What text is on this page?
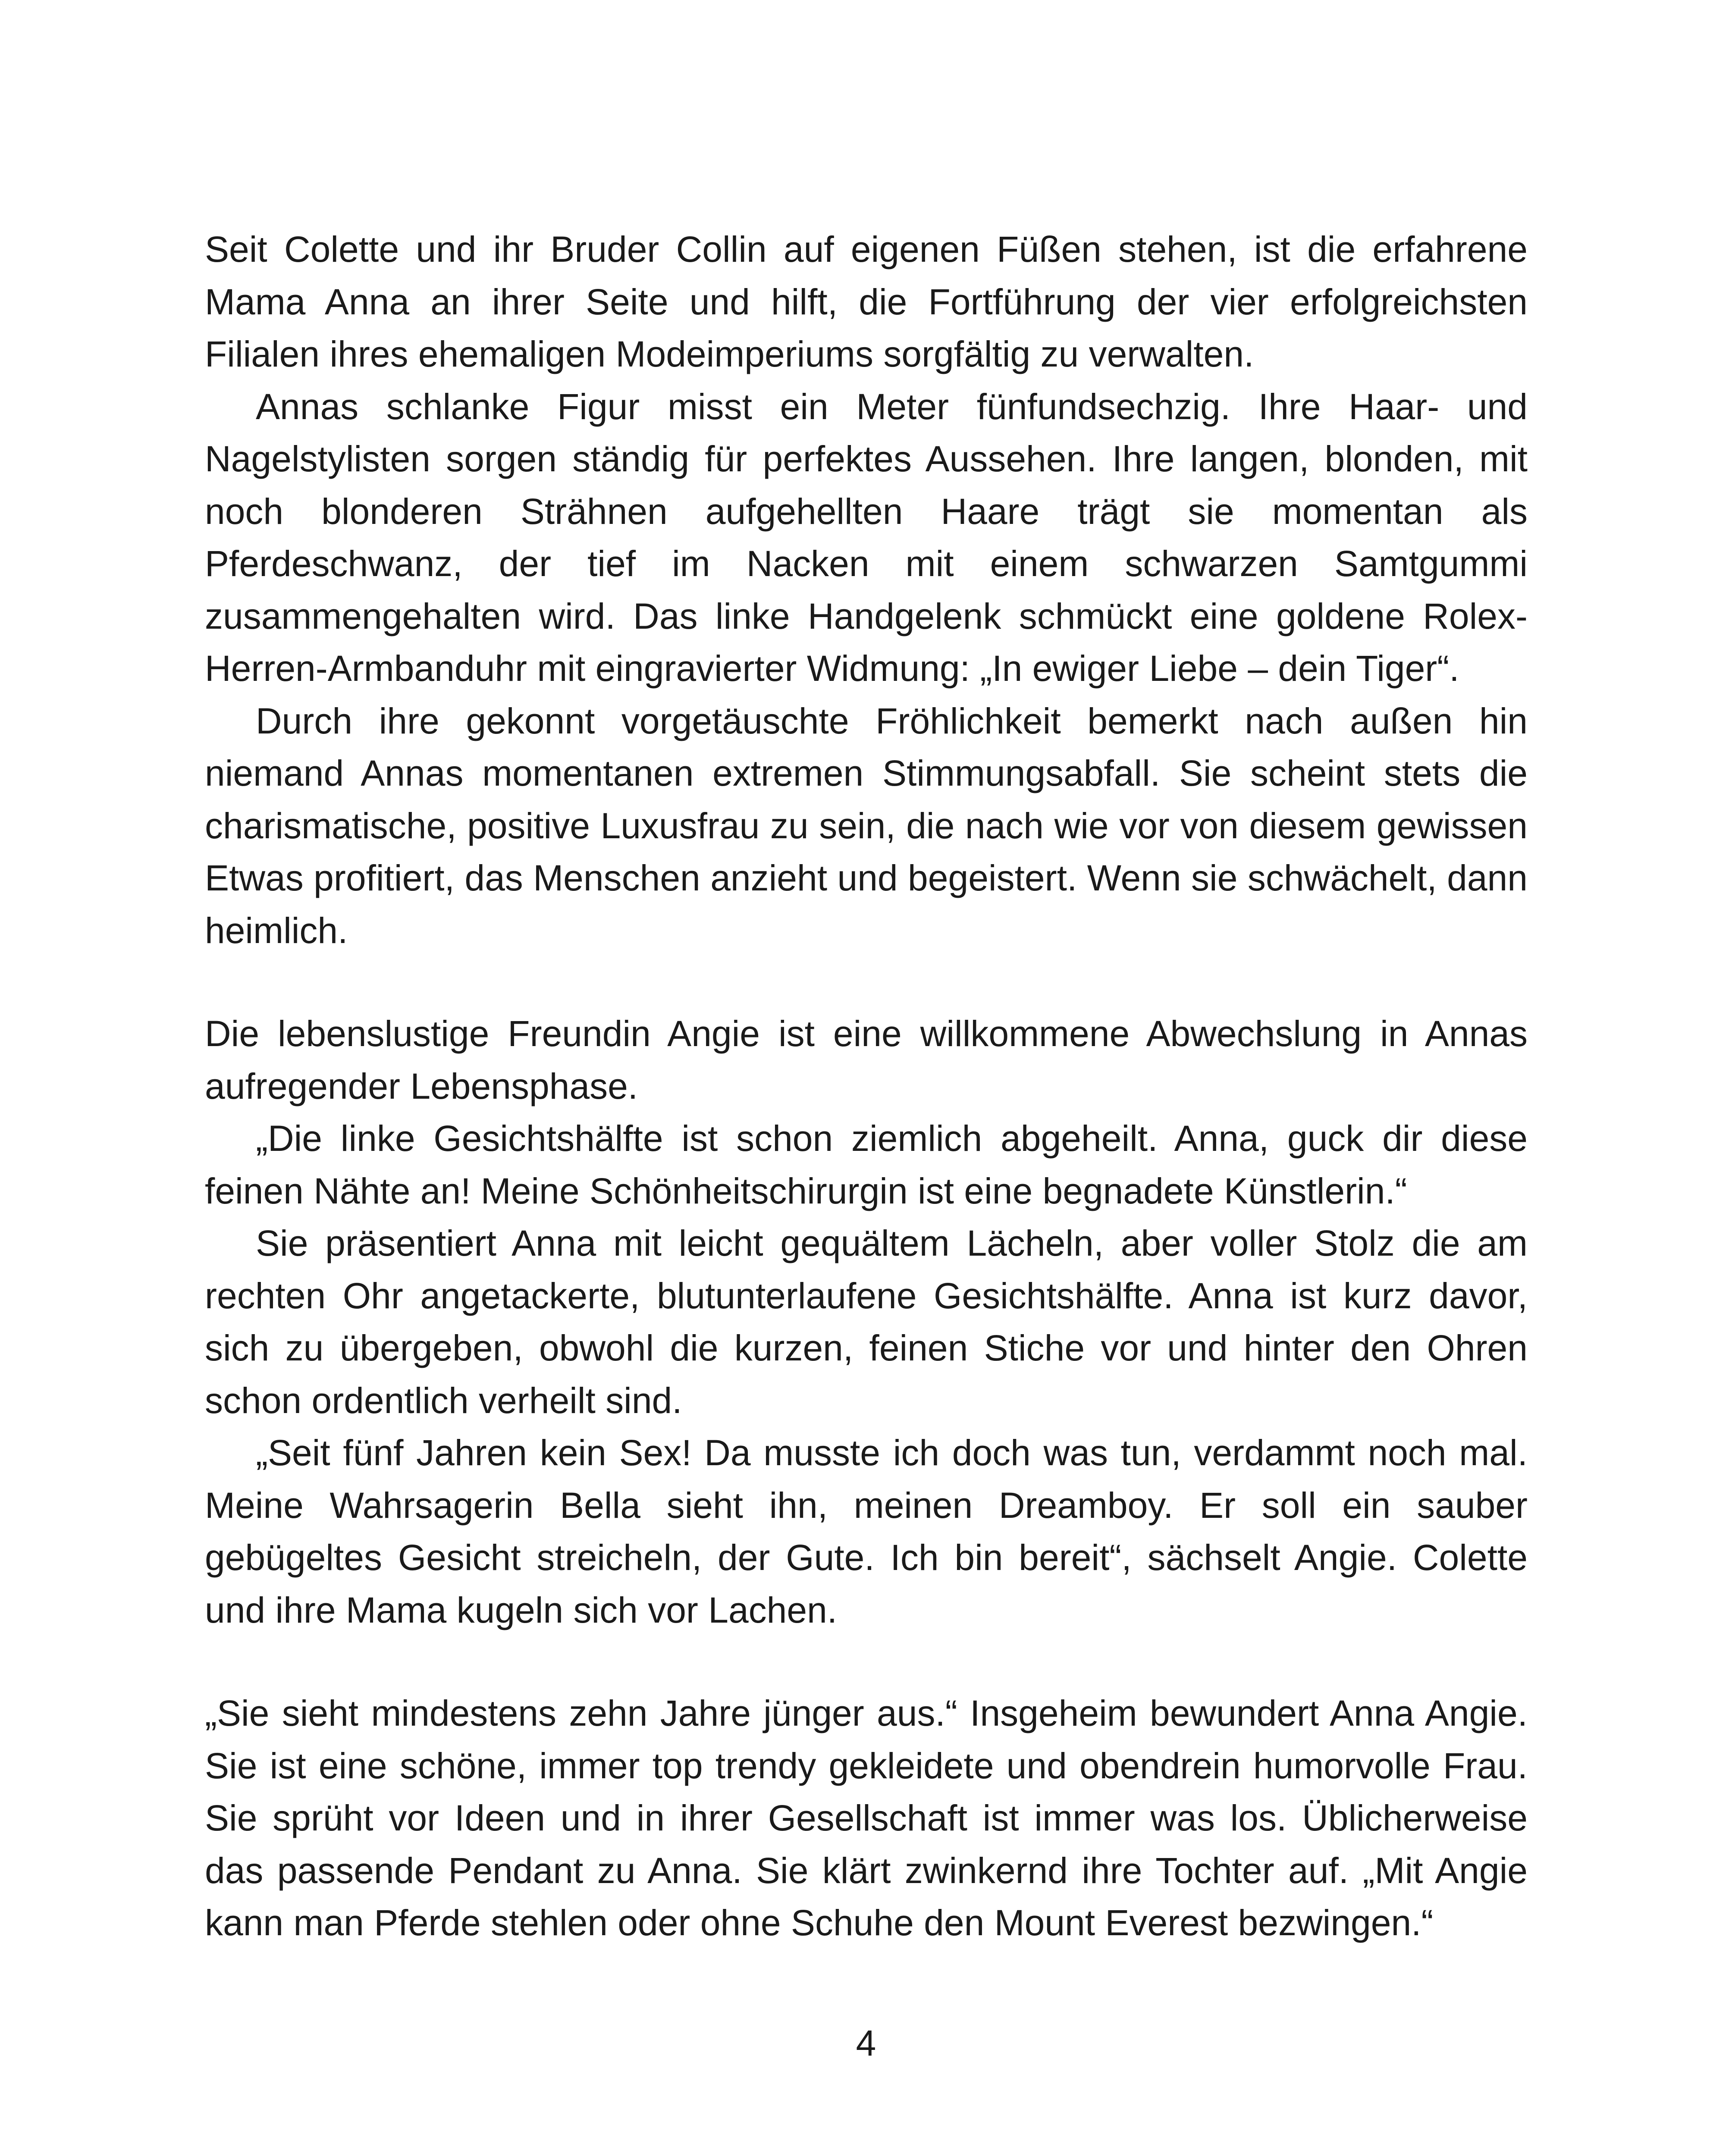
Seit Colette und ihr Bruder Collin auf eigenen Füßen stehen, ist die erfahrene Mama Anna an ihrer Seite und hilft, die Fortführung der vier erfolgreichsten Filialen ihres ehemaligen Modeimperiums sorgfältig zu verwalten.

Annas schlanke Figur misst ein Meter fünfundsechzig. Ihre Haar- und Nagelstylisten sorgen ständig für perfektes Aussehen. Ihre langen, blonden, mit noch blonderen Strähnen aufgehellten Haare trägt sie momentan als Pferdeschwanz, der tief im Nacken mit einem schwarzen Samtgummi zusammengehalten wird. Das linke Handgelenk schmückt eine goldene Rolex-Herren-Armbanduhr mit eingravierter Widmung: „In ewiger Liebe – dein Tiger“.

Durch ihre gekonnt vorgetäuschte Fröhlichkeit bemerkt nach außen hin niemand Annas momentanen extremen Stimmungsabfall. Sie scheint stets die charismatische, positive Luxusfrau zu sein, die nach wie vor von diesem gewissen Etwas profitiert, das Menschen anzieht und begeistert. Wenn sie schwächelt, dann heimlich.

Die lebenslustige Freundin Angie ist eine willkommene Abwechslung in Annas aufregender Lebensphase.

„Die linke Gesichtshälfte ist schon ziemlich abgeheilt. Anna, guck dir diese feinen Nähte an! Meine Schönheitschirurgin ist eine begnadete Künstlerin.“

Sie präsentiert Anna mit leicht gequältem Lächeln, aber voller Stolz die am rechten Ohr angetackerte, blutunterlaufene Gesichtshälfte. Anna ist kurz davor, sich zu übergeben, obwohl die kurzen, feinen Stiche vor und hinter den Ohren schon ordentlich verheilt sind.

„Seit fünf Jahren kein Sex! Da musste ich doch was tun, verdammt noch mal. Meine Wahrsagerin Bella sieht ihn, meinen Dreamboy. Er soll ein sauber gebügeltes Gesicht streicheln, der Gute. Ich bin bereit“, sächselt Angie. Colette und ihre Mama kugeln sich vor Lachen.

„Sie sieht mindestens zehn Jahre jünger aus.“ Insgeheim bewundert Anna Angie. Sie ist eine schöne, immer top trendy gekleidete und obendrein humorvolle Frau. Sie sprüht vor Ideen und in ihrer Gesellschaft ist immer was los. Üblicherweise das passende Pendant zu Anna. Sie klärt zwinkernd ihre Tochter auf. „Mit Angie kann man Pferde stehlen oder ohne Schuhe den Mount Everest bezwingen.“

4
